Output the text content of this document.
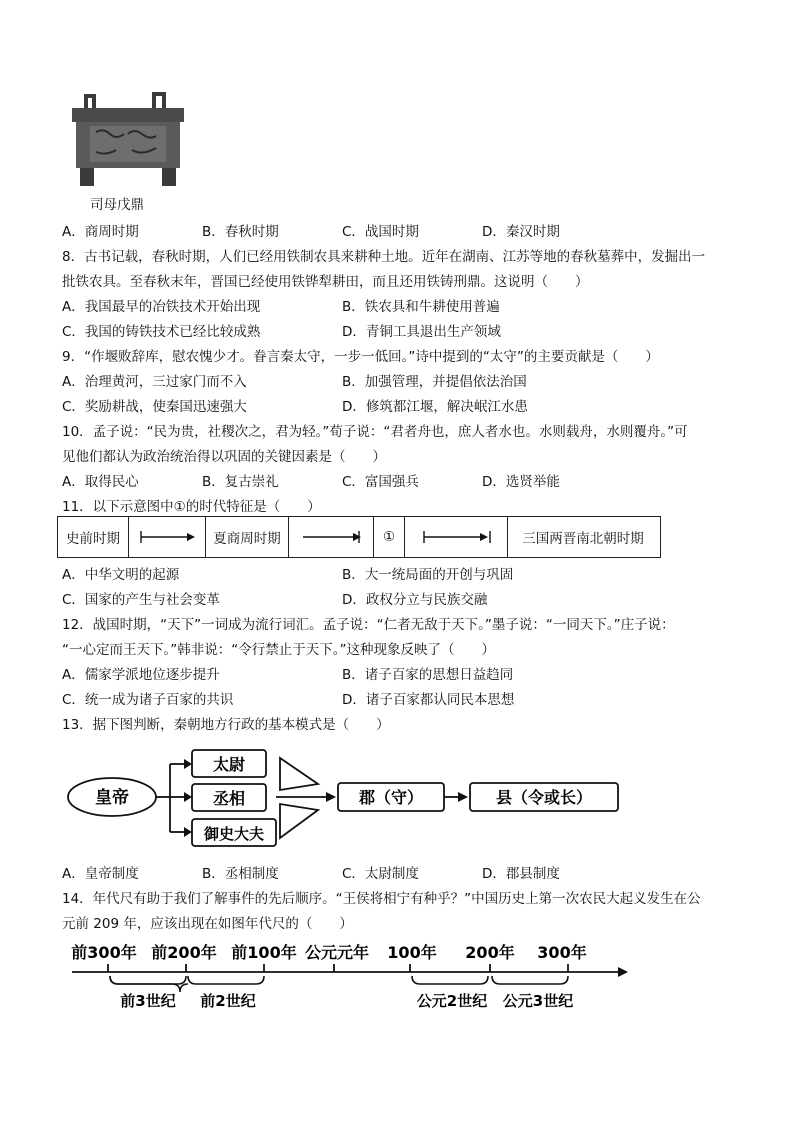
司母戊鼎
A．商周时期	B．春秋时期	C．战国时期	D．秦汉时期
8．古书记载，春秋时期，人们已经用铁制农具来耕种土地。近年在湖南、江苏等地的春秋墓葬中，发掘出一
批铁农具。至春秋末年，晋国已经使用铁铧犁耕田，而且还用铁铸刑鼎。这说明（　　）
A．我国最早的冶铁技术开始出现	B．铁农具和牛耕使用普遍
C．我国的铸铁技术已经比较成熟	D．青铜工具退出生产领域
9．“作堰败辞库，慰农愧少才。眷言秦太守，一步一低回。”诗中提到的“太守”的主要贡献是（　　）
A．治理黄河，三过家门而不入	B．加强管理，并提倡依法治国
C．奖励耕战，使秦国迅速强大	D．修筑都江堰，解决岷江水患
10．孟子说：“民为贵，社稷次之，君为轻。”荀子说：“君者舟也，庶人者水也。水则载舟，水则覆舟。”可
见他们都认为政治统治得以巩固的关键因素是（　　）
A．取得民心	B．复古崇礼	C．富国强兵	D．选贤举能
11．以下示意图中①的时代特征是（　　）
史前时期	夏商周时期	①	三国两晋南北朝时期
A．中华文明的起源	B．大一统局面的开创与巩固
C．国家的产生与社会变革	D．政权分立与民族交融
12．战国时期，“天下”一词成为流行词汇。孟子说：“仁者无敌于天下。”墨子说：“一同天下。”庄子说：
“一心定而王天下。”韩非说：“令行禁止于天下。”这种现象反映了（　　）
A．儒家学派地位逐步提升	B．诸子百家的思想日益趋同
C．统一成为诸子百家的共识	D．诸子百家都认同民本思想
13．据下图判断，秦朝地方行政的基本模式是（　　）
皇帝
太尉
丞相
御史大夫
郡（守）	县（令或长）
A．皇帝制度	B．丞相制度	C．太尉制度	D．郡县制度
14．年代尺有助于我们了解事件的先后顺序。“王侯将相宁有种乎？”中国历史上第一次农民大起义发生在公
元前 209 年，应该出现在如图年代尺的（　　）
前300年 前200年 前100年 公元元年 100年 200年 300年
前3世纪 前2世纪	公元2世纪 公元3世纪
